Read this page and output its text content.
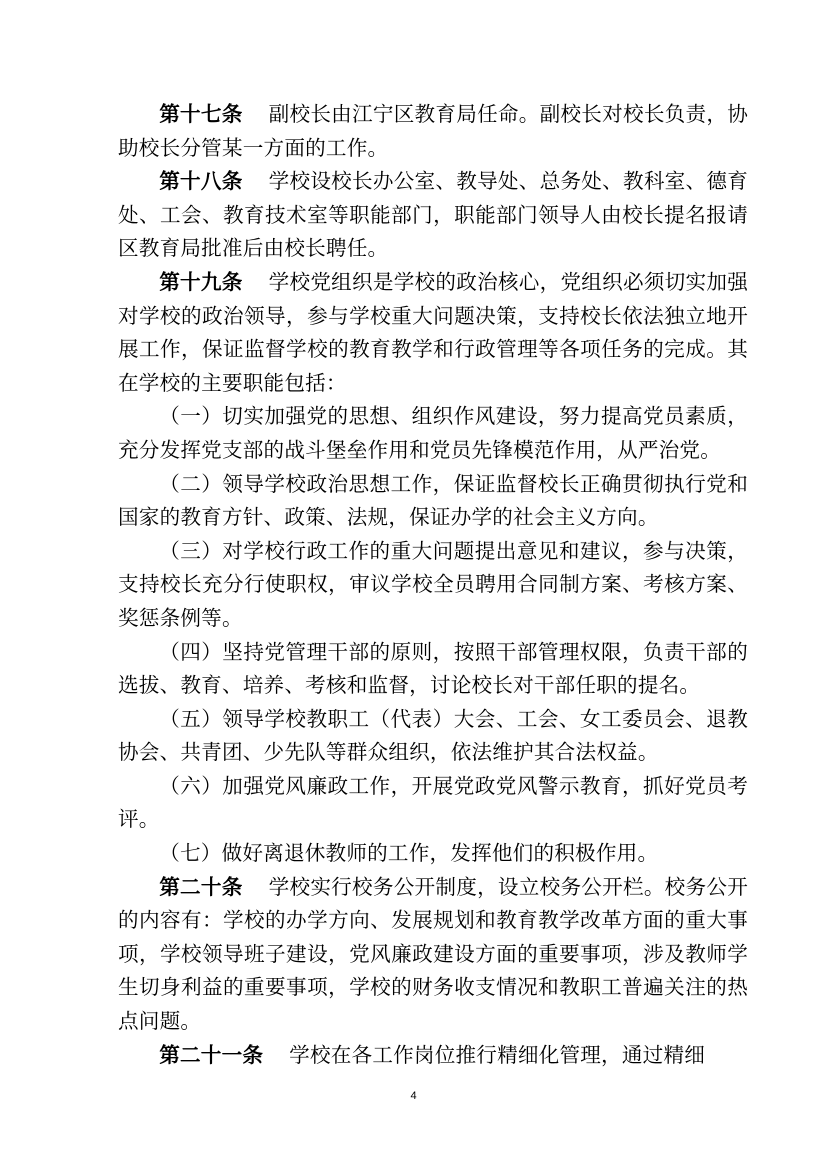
第十七条 副校长由江宁区教育局任命。副校长对校长负责，协助校长分管某一方面的工作。

第十八条 学校设校长办公室、教导处、总务处、教科室、德育处、工会、教育技术室等职能部门，职能部门领导人由校长提名报请区教育局批准后由校长聘任。

第十九条 学校党组织是学校的政治核心，党组织必须切实加强对学校的政治领导，参与学校重大问题决策，支持校长依法独立地开展工作，保证监督学校的教育教学和行政管理等各项任务的完成。其在学校的主要职能包括：

（一）切实加强党的思想、组织作风建设，努力提高党员素质，充分发挥党支部的战斗堡垒作用和党员先锋模范作用，从严治党。

（二）领导学校政治思想工作，保证监督校长正确贯彻执行党和国家的教育方针、政策、法规，保证办学的社会主义方向。

（三）对学校行政工作的重大问题提出意见和建议，参与决策，支持校长充分行使职权，审议学校全员聘用合同制方案、考核方案、奖惩条例等。

（四）坚持党管理干部的原则，按照干部管理权限，负责干部的选拔、教育、培养、考核和监督，讨论校长对干部任职的提名。

（五）领导学校教职工（代表）大会、工会、女工委员会、退教协会、共青团、少先队等群众组织，依法维护其合法权益。

（六）加强党风廉政工作，开展党政党风警示教育，抓好党员考评。

（七）做好离退休教师的工作，发挥他们的积极作用。

第二十条 学校实行校务公开制度，设立校务公开栏。校务公开的内容有：学校的办学方向、发展规划和教育教学改革方面的重大事项，学校领导班子建设，党风廉政建设方面的重要事项，涉及教师学生切身利益的重要事项，学校的财务收支情况和教职工普遍关注的热点问题。

第二十一条 学校在各工作岗位推行精细化管理，通过精细

4
